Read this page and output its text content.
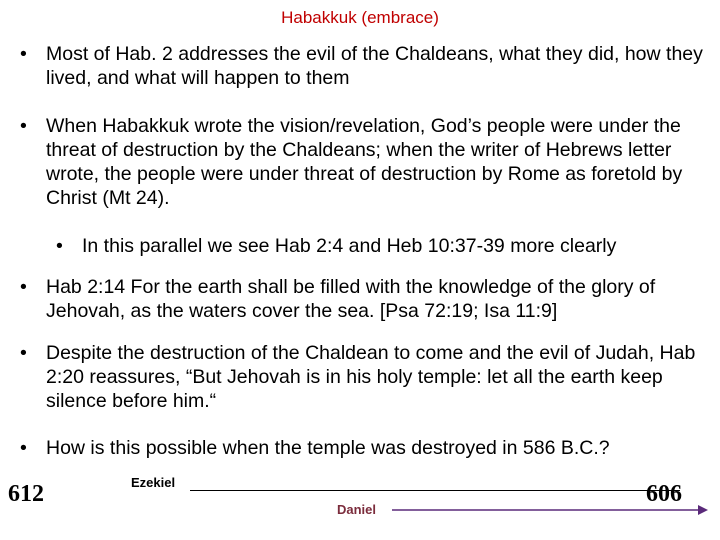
Habakkuk (embrace)
• Most of Hab. 2 addresses the evil of the Chaldeans, what they did, how they lived, and what will happen to them
• When Habakkuk wrote the vision/revelation, God’s people were under the threat of destruction by the Chaldeans; when the writer of Hebrews letter wrote, the people were under threat of destruction by Rome as foretold by Christ (Mt 24).
• In this parallel we see Hab 2:4 and Heb 10:37-39 more clearly
• Hab 2:14 For the earth shall be filled with the knowledge of the glory of Jehovah, as the waters cover the sea. [Psa 72:19; Isa 11:9]
• Despite the destruction of the Chaldean to come and the evil of Judah, Hab 2:20 reassures, “But Jehovah is in his holy temple: let all the earth keep silence before him.“
• How is this possible when the temple was destroyed in 586 B.C.?
612	Ezekiel
Daniel
606
